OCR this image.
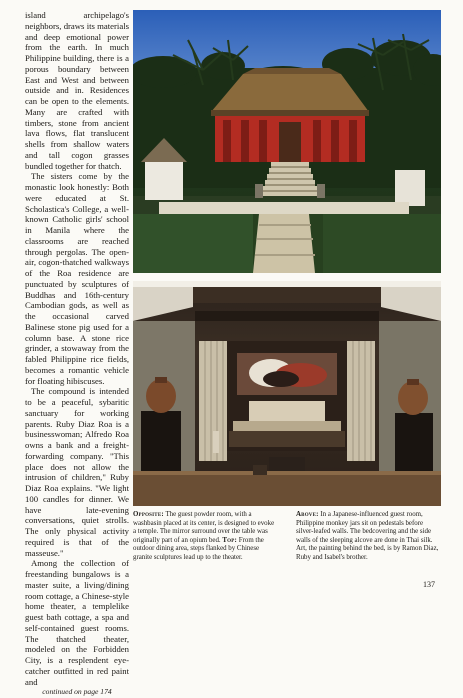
island archipelago's neighbors, draws its materials and deep emotional power from the earth. In much Philippine building, there is a porous boundary between East and West and between outside and in. Residences can be open to the elements. Many are crafted with timbers, stone from ancient lava flows, flat translucent shells from shallow waters and tall cogon grasses bundled together for thatch.

The sisters come by the monastic look honestly: Both were educated at St. Scholastica's College, a well-known Catholic girls' school in Manila where the classrooms are reached through pergolas. The open-air, cogon-thatched walkways of the Roa residence are punctuated by sculptures of Buddhas and 16th-century Cambodian gods, as well as the occasional carved Balinese stone pig used for a column base. A stone rice grinder, a stowaway from the fabled Philippine rice fields, becomes a romantic vehicle for floating hibiscuses.

The compound is intended to be a peaceful, sybaritic sanctuary for working parents. Ruby Diaz Roa is a businesswoman; Alfredo Roa owns a bank and a freight-forwarding company. "This place does not allow the intrusion of children," Ruby Diaz Roa explains. "We light 100 candles for dinner. We have late-evening conversations, quiet strolls. The only physical activity required is that of the masseuse."

Among the collection of freestanding bungalows is a master suite, a living/dining room cottage, a Chinese-style home theater, a templelike guest bath cottage, a spa and self-contained guest rooms. The thatched theater, modeled on the Forbidden City, is a resplendent eye-catcher outfitted in red paint and

continued on page 174
Opposite: The guest powder room, with a washbasin placed at its center, is designed to evoke a temple. The mirror surround over the table was originally part of an opium bed. Top: From the outdoor dining area, steps flanked by Chinese granite sculptures lead up to the theater.
Above: In a Japanese-influenced guest room, Philippine monkey jars sit on pedestals before silver-leafed walls. The bedcovering and the side walls of the sleeping alcove are done in Thai silk. Art, the painting behind the bed, is by Ramon Diaz, Ruby and Isabel's brother.
137
